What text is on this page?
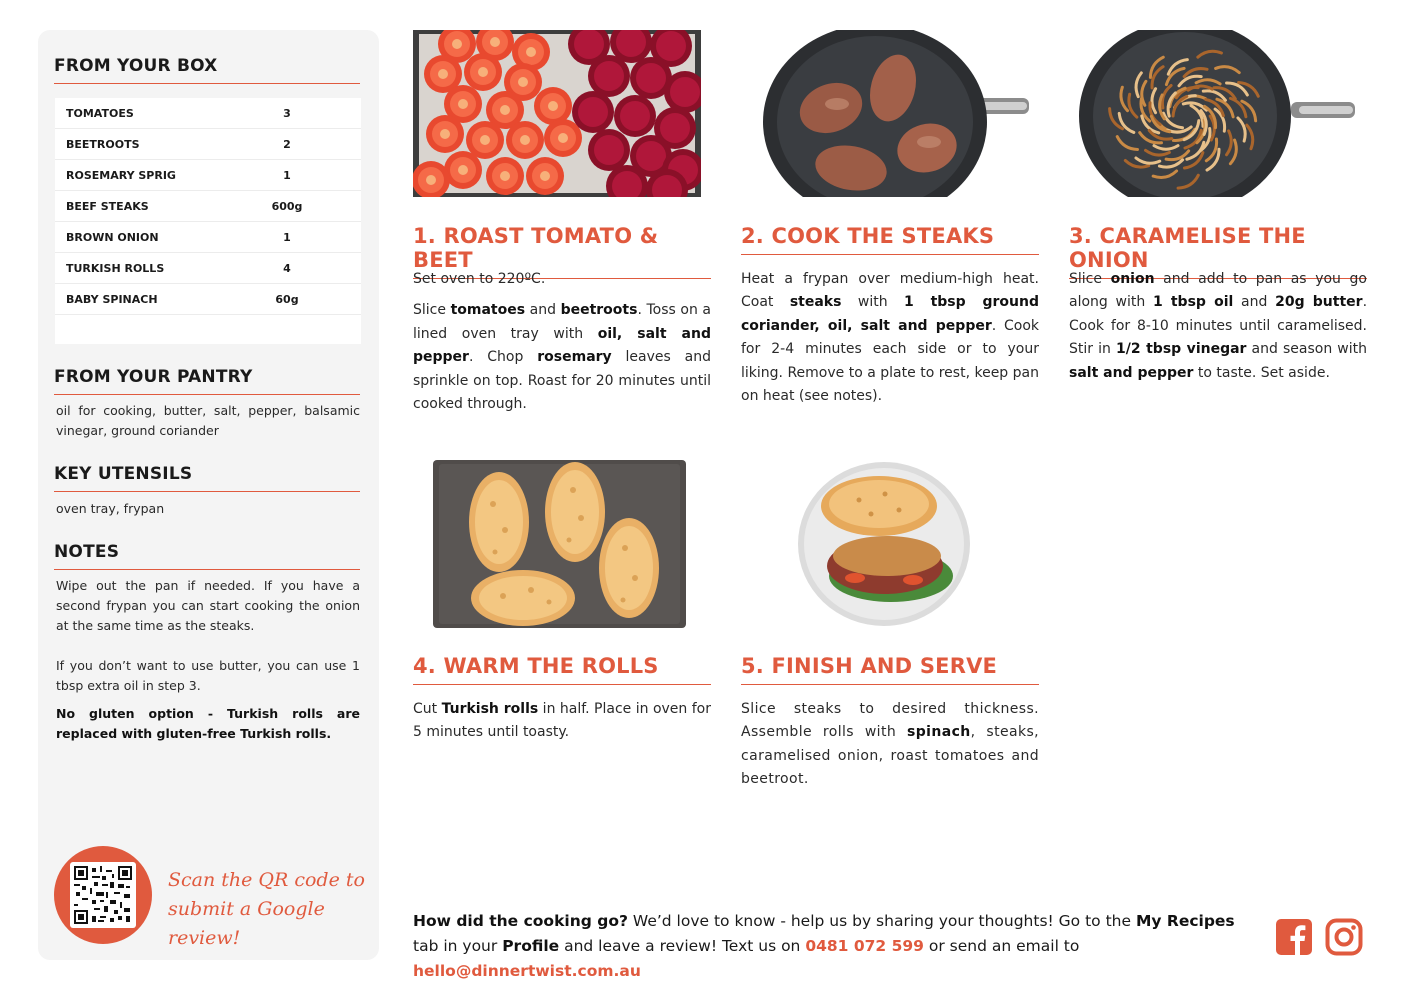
FROM YOUR BOX
TOMATOES	3
BEETROOTS	2
ROSEMARY SPRIG	1
BEEF STEAKS	600g
BROWN ONION	1
TURKISH ROLLS	4
BABY SPINACH	60g
FROM YOUR PANTRY
oil for cooking, butter, salt, pepper, balsamic vinegar, ground coriander
KEY UTENSILS
oven tray, frypan
NOTES
Wipe out the pan if needed. If you have a second frypan you can start cooking the onion at the same time as the steaks.
If you don’t want to use butter, you can use 1 tbsp extra oil in step 3.
No gluten option - Turkish rolls are replaced with gluten-free Turkish rolls.
Scan the QR code to
submit a Google review!
1. ROAST TOMATO & BEET

Set oven to 220ºC.

Slice tomatoes and beetroots. Toss on a lined oven tray with oil, salt and pepper. Chop rosemary leaves and sprinkle on top. Roast for 20 minutes until cooked through.

2. COOK THE STEAKS

Heat a frypan over medium-high heat. Coat steaks with 1 tbsp ground coriander, oil, salt and pepper. Cook for 2-4 minutes each side or to your liking. Remove to a plate to rest, keep pan on heat (see notes).

3. CARAMELISE THE ONION

Slice onion and add to pan as you go along with 1 tbsp oil and 20g butter. Cook for 8-10 minutes until caramelised. Stir in 1/2 tbsp vinegar and season with salt and pepper to taste. Set aside.

4. WARM THE ROLLS

Cut Turkish rolls in half. Place in oven for 5 minutes until toasty.

5. FINISH AND SERVE

Slice steaks to desired thickness. Assemble rolls with spinach, steaks, caramelised onion, roast tomatoes and beetroot.

How did the cooking go? We’d love to know - help us by sharing your thoughts! Go to the My Recipes tab in your Profile and leave a review! Text us on 0481 072 599 or send an email to hello@dinnertwist.com.au
